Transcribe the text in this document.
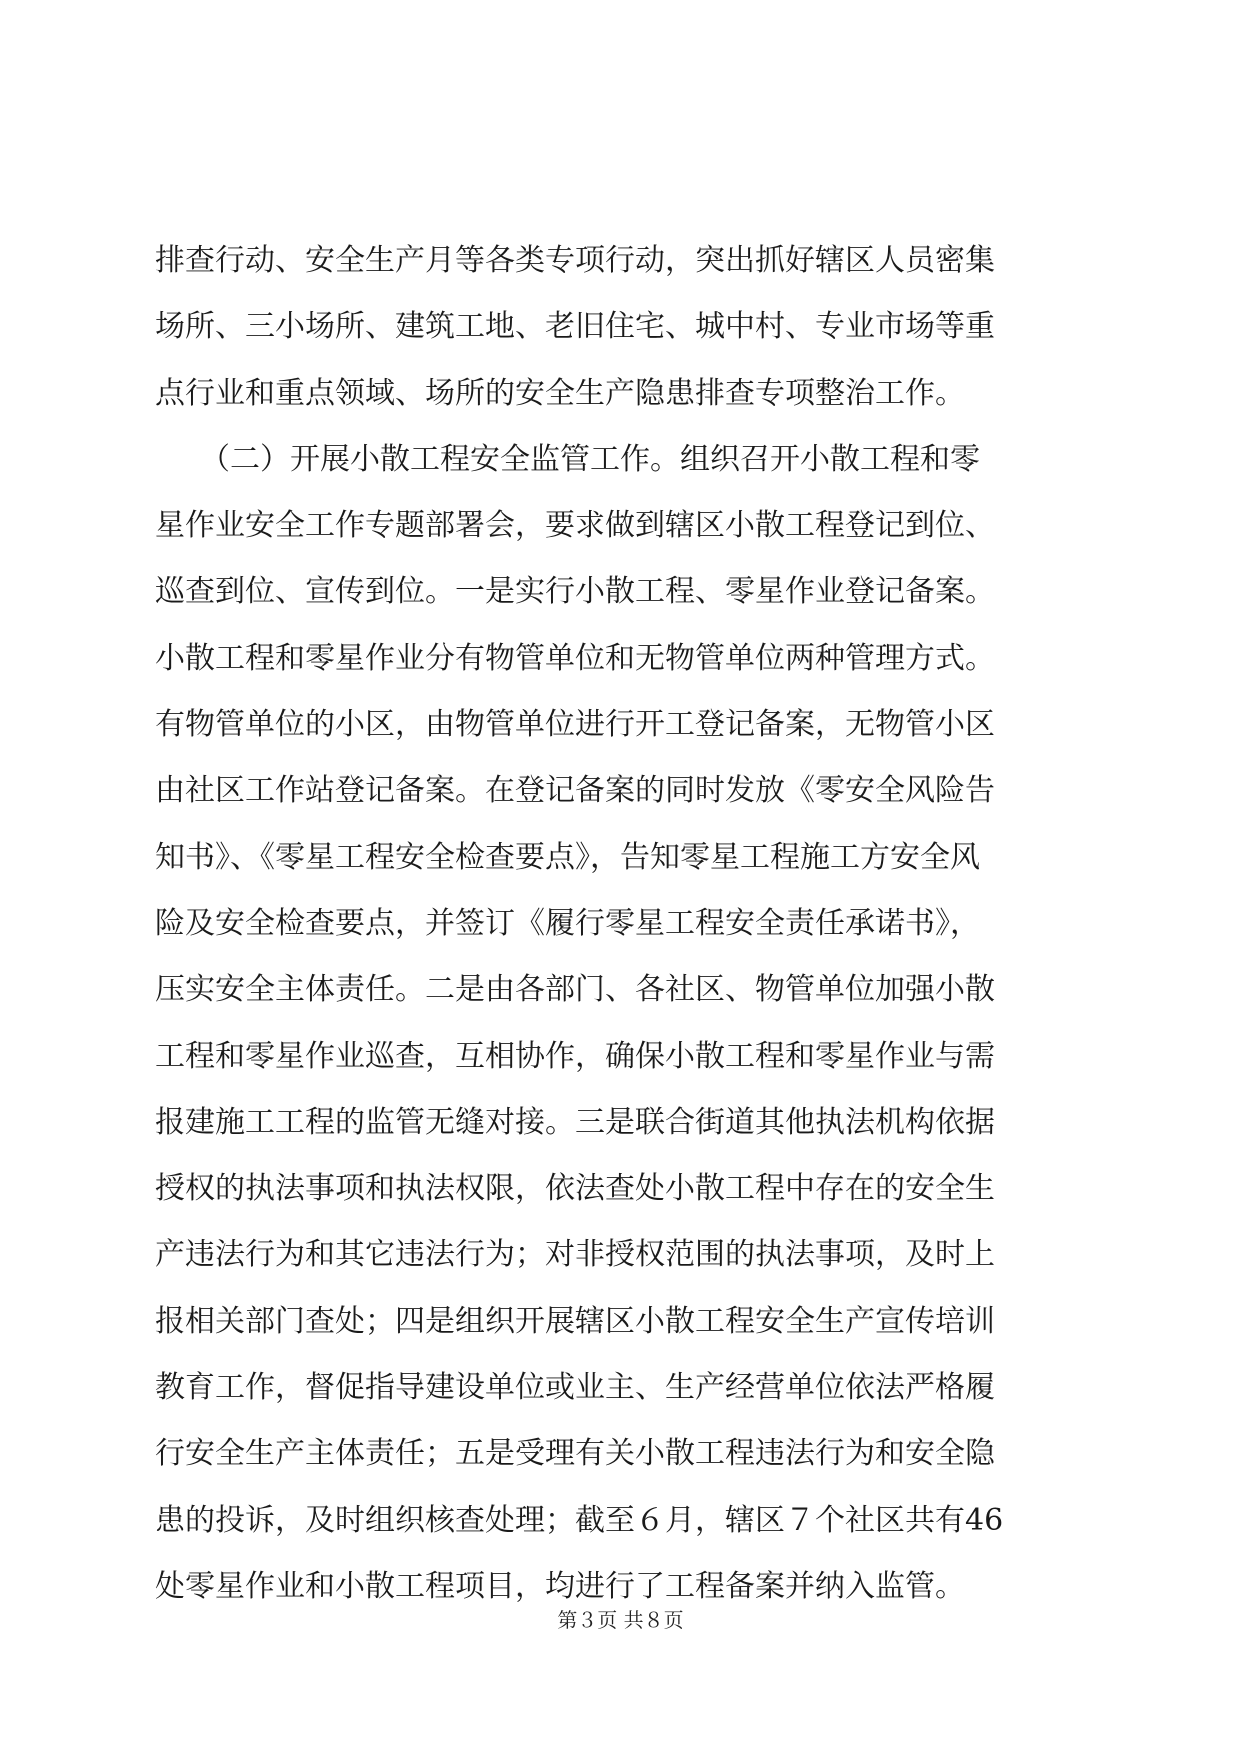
排查行动、安全生产月等各类专项行动，突出抓好辖区人员密集
场所、三小场所、建筑工地、老旧住宅、城中村、专业市场等重
点行业和重点领域、场所的安全生产隐患排查专项整治工作。
　　（二）开展小散工程安全监管工作。组织召开小散工程和零
星作业安全工作专题部署会，要求做到辖区小散工程登记到位、
巡查到位、宣传到位。一是实行小散工程、零星作业登记备案。
小散工程和零星作业分有物管单位和无物管单位两种管理方式。
有物管单位的小区，由物管单位进行开工登记备案，无物管小区
由社区工作站登记备案。在登记备案的同时发放《零安全风险告
知书》、《零星工程安全检查要点》，告知零星工程施工方安全风
险及安全检查要点，并签订《履行零星工程安全责任承诺书》，
压实安全主体责任。二是由各部门、各社区、物管单位加强小散
工程和零星作业巡查，互相协作，确保小散工程和零星作业与需
报建施工工程的监管无缝对接。三是联合街道其他执法机构依据
授权的执法事项和执法权限，依法查处小散工程中存在的安全生
产违法行为和其它违法行为；对非授权范围的执法事项，及时上
报相关部门查处；四是组织开展辖区小散工程安全生产宣传培训
教育工作，督促指导建设单位或业主、生产经营单位依法严格履
行安全生产主体责任；五是受理有关小散工程违法行为和安全隐
患的投诉，及时组织核查处理；截至６月，辖区７个社区共有46
处零星作业和小散工程项目，均进行了工程备案并纳入监管。
第３页 共８页
